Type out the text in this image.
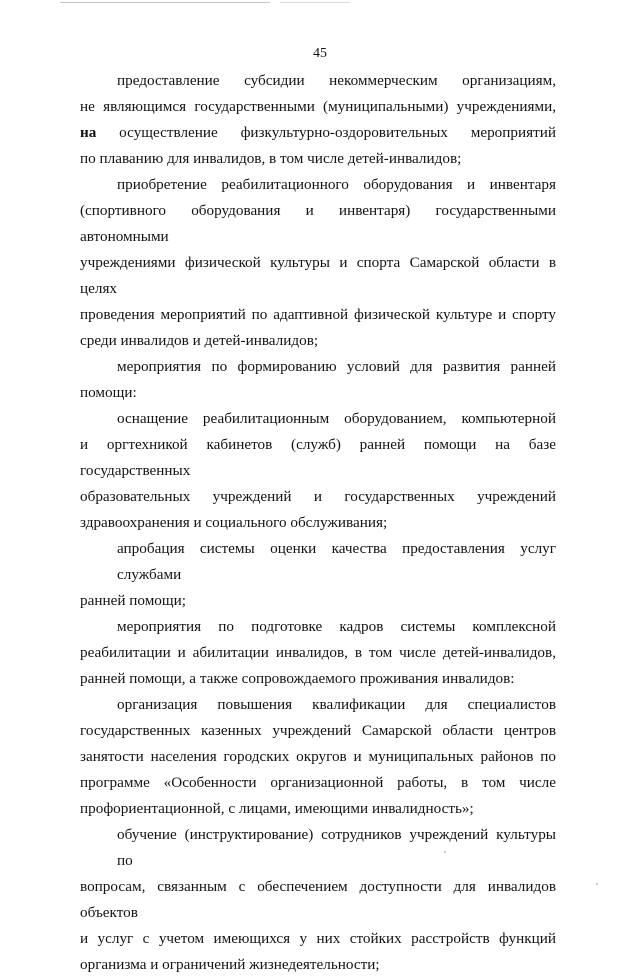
45
предоставление субсидии некоммерческим организациям,
не являющимся государственными (муниципальными) учреждениями,
на осуществление физкультурно-оздоровительных мероприятий
по плаванию для инвалидов, в том числе детей-инвалидов;
приобретение реабилитационного оборудования и инвентаря
(спортивного оборудования и инвентаря) государственными автономными
учреждениями физической культуры и спорта Самарской области в целях
проведения мероприятий по адаптивной физической культуре и спорту
среди инвалидов и детей-инвалидов;
мероприятия по формированию условий для развития ранней
помощи:
оснащение реабилитационным оборудованием, компьютерной
и оргтехникой кабинетов (служб) ранней помощи на базе государственных
образовательных учреждений и государственных учреждений
здравоохранения и социального обслуживания;
апробация системы оценки качества предоставления услуг службами
ранней помощи;
мероприятия по подготовке кадров системы комплексной
реабилитации и абилитации инвалидов, в том числе детей-инвалидов,
ранней помощи, а также сопровождаемого проживания инвалидов:
организация повышения квалификации для специалистов
государственных казенных учреждений Самарской области центров
занятости населения городских округов и муниципальных районов по
программе «Особенности организационной работы, в том числе
профориентационной, с лицами, имеющими инвалидность»;
обучение (инструктирование) сотрудников учреждений культуры по
вопросам, связанным с обеспечением доступности для инвалидов объектов
и услуг с учетом имеющихся у них стойких расстройств функций
организма и ограничений жизнедеятельности;
